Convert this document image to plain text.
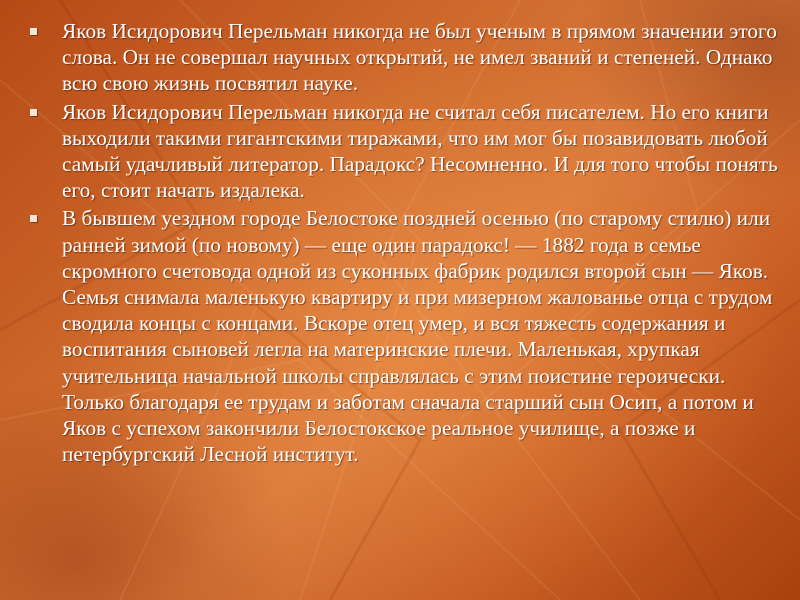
Яков Исидорович Перельман никогда не был ученым в прямом значении этого слова. Он не совершал научных открытий, не имел званий и степеней. Однако всю свою жизнь посвятил науке.
Яков Исидорович Перельман никогда не считал себя писателем. Но его книги выходили такими гигантскими тиражами, что им мог бы позавидовать любой самый удачливый литератор. Парадокс? Несомненно. И для того чтобы понять его, стоит начать издалека.
В бывшем уездном городе Белостоке поздней осенью (по старому стилю) или ранней зимой (по новому) — еще один парадокс! — 1882 года в семье скромного счетовода одной из суконных фабрик родился второй сын — Яков. Семья снимала маленькую квартиру и при мизерном жалованье отца с трудом сводила концы с концами. Вскоре отец умер, и вся тяжесть содержания и воспитания сыновей легла на материнские плечи. Маленькая, хрупкая учительница начальной школы справлялась с этим поистине героически. Только благодаря ее трудам и заботам сначала старший сын Осип, а потом и Яков с успехом закончили Белостокское реальное училище, а позже и петербургский Лесной институт.
